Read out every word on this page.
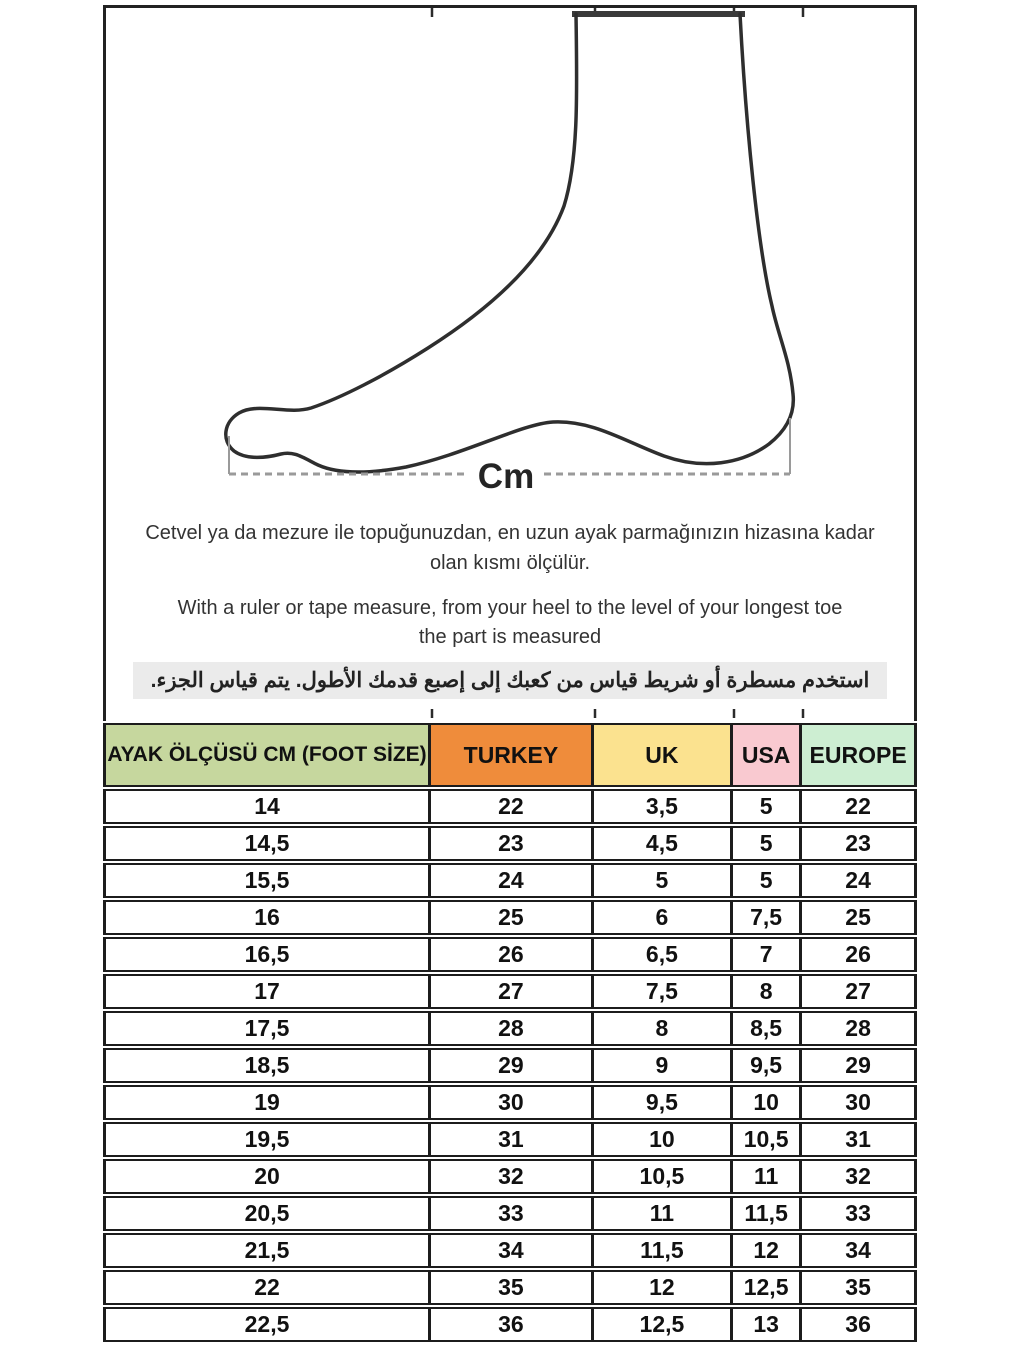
Cm

Cetvel ya da mezure ile topuğunuzdan, en uzun ayak parmağınızın hizasına kadar
olan kısmı ölçülür.

With a ruler or tape measure, from your heel to the level of your longest toe
the part is measured

استخدم مسطرة أو شريط قياس من كعبك إلى إصبع قدمك الأطول. يتم قياس الجزء.

AYAK ÖLÇÜSÜ CM (FOOT SİZE)	TURKEY	UK	USA	EUROPE
14	22	3,5	5	22
14,5	23	4,5	5	23
15,5	24	5	5	24
16	25	6	7,5	25
16,5	26	6,5	7	26
17	27	7,5	8	27
17,5	28	8	8,5	28
18,5	29	9	9,5	29
19	30	9,5	10	30
19,5	31	10	10,5	31
20	32	10,5	11	32
20,5	33	11	11,5	33
21,5	34	11,5	12	34
22	35	12	12,5	35
22,5	36	12,5	13	36
